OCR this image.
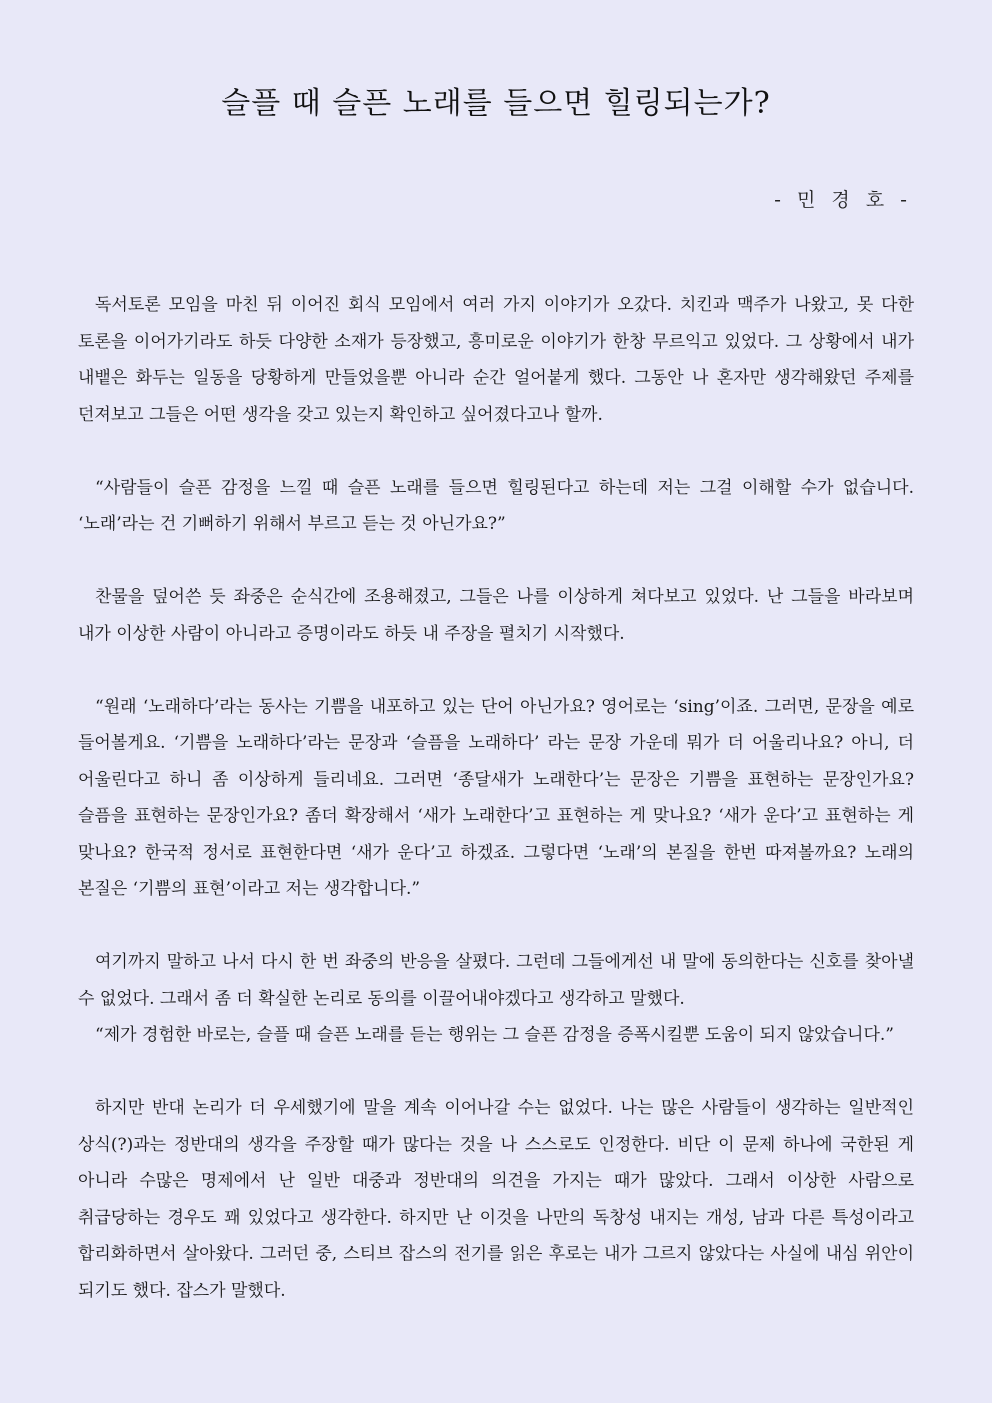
슬플 때 슬픈 노래를 들으면 힐링되는가?
- 민 경 호 -

독서토론 모임을 마친 뒤 이어진 회식 모임에서 여러 가지 이야기가 오갔다. 치킨과 맥주가 나왔고, 못 다한 토론을 이어가기라도 하듯 다양한 소재가 등장했고, 흥미로운 이야기가 한창 무르익고 있었다. 그 상황에서 내가 내뱉은 화두는 일동을 당황하게 만들었을뿐 아니라 순간 얼어붙게 했다. 그동안 나 혼자만 생각해왔던 주제를 던져보고 그들은 어떤 생각을 갖고 있는지 확인하고 싶어졌다고나 할까.

“사람들이 슬픈 감정을 느낄 때 슬픈 노래를 들으면 힐링된다고 하는데 저는 그걸 이해할 수가 없습니다. ‘노래’라는 건 기뻐하기 위해서 부르고 듣는 것 아닌가요?”

찬물을 덮어쓴 듯 좌중은 순식간에 조용해졌고, 그들은 나를 이상하게 쳐다보고 있었다. 난 그들을 바라보며 내가 이상한 사람이 아니라고 증명이라도 하듯 내 주장을 펼치기 시작했다.

“원래 ‘노래하다’라는 동사는 기쁨을 내포하고 있는 단어 아닌가요? 영어로는 ‘sing’이죠. 그러면, 문장을 예로 들어볼게요. ‘기쁨을 노래하다’라는 문장과 ‘슬픔을 노래하다’ 라는 문장 가운데 뭐가 더 어울리나요? 아니, 더 어울린다고 하니 좀 이상하게 들리네요. 그러면 ‘종달새가 노래한다’는 문장은 기쁨을 표현하는 문장인가요? 슬픔을 표현하는 문장인가요? 좀더 확장해서 ‘새가 노래한다’고 표현하는 게 맞나요? ‘새가 운다’고 표현하는 게 맞나요? 한국적 정서로 표현한다면 ‘새가 운다’고 하겠죠. 그렇다면 ‘노래’의 본질을 한번 따져볼까요? 노래의 본질은 ‘기쁨의 표현’이라고 저는 생각합니다.”

여기까지 말하고 나서 다시 한 번 좌중의 반응을 살폈다. 그런데 그들에게선 내 말에 동의한다는 신호를 찾아낼 수 없었다. 그래서 좀 더 확실한 논리로 동의를 이끌어내야겠다고 생각하고 말했다.

“제가 경험한 바로는, 슬플 때 슬픈 노래를 듣는 행위는 그 슬픈 감정을 증폭시킬뿐 도움이 되지 않았습니다.”

하지만 반대 논리가 더 우세했기에 말을 계속 이어나갈 수는 없었다. 나는 많은 사람들이 생각하는 일반적인 상식(?)과는 정반대의 생각을 주장할 때가 많다는 것을 나 스스로도 인정한다. 비단 이 문제 하나에 국한된 게 아니라 수많은 명제에서 난 일반 대중과 정반대의 의견을 가지는 때가 많았다. 그래서 이상한 사람으로 취급당하는 경우도 꽤 있었다고 생각한다. 하지만 난 이것을 나만의 독창성 내지는 개성, 남과 다른 특성이라고 합리화하면서 살아왔다. 그러던 중, 스티브 잡스의 전기를 읽은 후로는 내가 그르지 않았다는 사실에 내심 위안이 되기도 했다. 잡스가 말했다.
